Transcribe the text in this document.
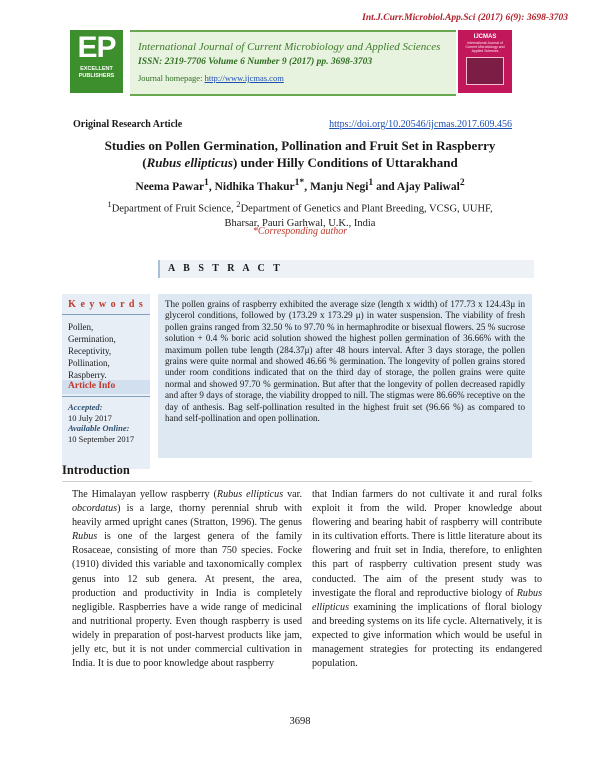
Int.J.Curr.Microbiol.App.Sci (2017) 6(9): 3698-3703
EP
EXCELLENT PUBLISHERS
International Journal of Current Microbiology and Applied Sciences
ISSN: 2319-7706 Volume 6 Number 9 (2017) pp. 3698-3703
Journal homepage: http://www.ijcmas.com
IJCMAS
International Journal of Current Microbiology and Applied Sciences
Original Research Article	https://doi.org/10.20546/ijcmas.2017.609.456
Studies on Pollen Germination, Pollination and Fruit Set in Raspberry
(Rubus ellipticus) under Hilly Conditions of Uttarakhand
Neema Pawar$^1$, Nidhika Thakur$^{1*}$, Manju Negi$^1$ and Ajay Paliwal$^2$
$^1$Department of Fruit Science, $^2$Department of Genetics and Plant Breeding, VCSG, UUHF,
Bharsar, Pauri Garhwal, U.K., India
*Corresponding author
A B S T R A C T
K e y w o r d s
Pollen,
Germination,
Receptivity,
Pollination,
Raspberry.
Article Info
Accepted:
10 July 2017
Available Online:
10 September 2017

The pollen grains of raspberry exhibited the average size (length x width) of 177.73 x 124.43μ in glycerol conditions, followed by (173.29 x 173.29 μ) in water suspension. The viability of fresh pollen grains ranged from 32.50 % to 97.70 % in hermaphrodite or bisexual flowers. 25 % sucrose solution + 0.4 % boric acid solution showed the highest pollen germination of 36.66% with the maximum pollen tube length (284.37μ) after 48 hours interval. After 3 days storage, the pollen grains were quite normal and showed 46.66 % germination. The longevity of pollen grains stored under room conditions indicated that on the third day of storage, the pollen grains were quite normal and showed 97.70 % germination. But after that the longevity of pollen decreased rapidly and after 9 days of storage, the viability dropped to nill. The stigmas were 86.66% receptive on the day of anthesis. Bag self-pollination resulted in the highest fruit set (96.66 %) as compared to hand self-pollination and open pollination.

Introduction
The Himalayan yellow raspberry (Rubus ellipticus var. obcordatus) is a large, thorny perennial shrub with heavily armed upright canes (Stratton, 1996). The genus Rubus is one of the largest genera of the family Rosaceae, consisting of more than 750 species. Focke (1910) divided this variable and taxonomically complex genus into 12 sub genera. At present, the area, production and productivity in India is completely negligible. Raspberries have a wide range of medicinal and nutritional property. Even though raspberry is used widely in preparation of post-harvest products like jam, jelly etc, but it is not under commercial cultivation in India. It is due to poor knowledge about raspberry
that Indian farmers do not cultivate it and rural folks exploit it from the wild. Proper knowledge about flowering and bearing habit of raspberry will contribute in its cultivation efforts. There is little literature about its flowering and fruit set in India, therefore, to enlighten this part of raspberry cultivation present study was conducted. The aim of the present study was to investigate the floral and reproductive biology of Rubus ellipticus examining the implications of floral biology and breeding systems on its life cycle. Alternatively, it is expected to give information which would be useful in management strategies for protecting its endangered population.
3698
